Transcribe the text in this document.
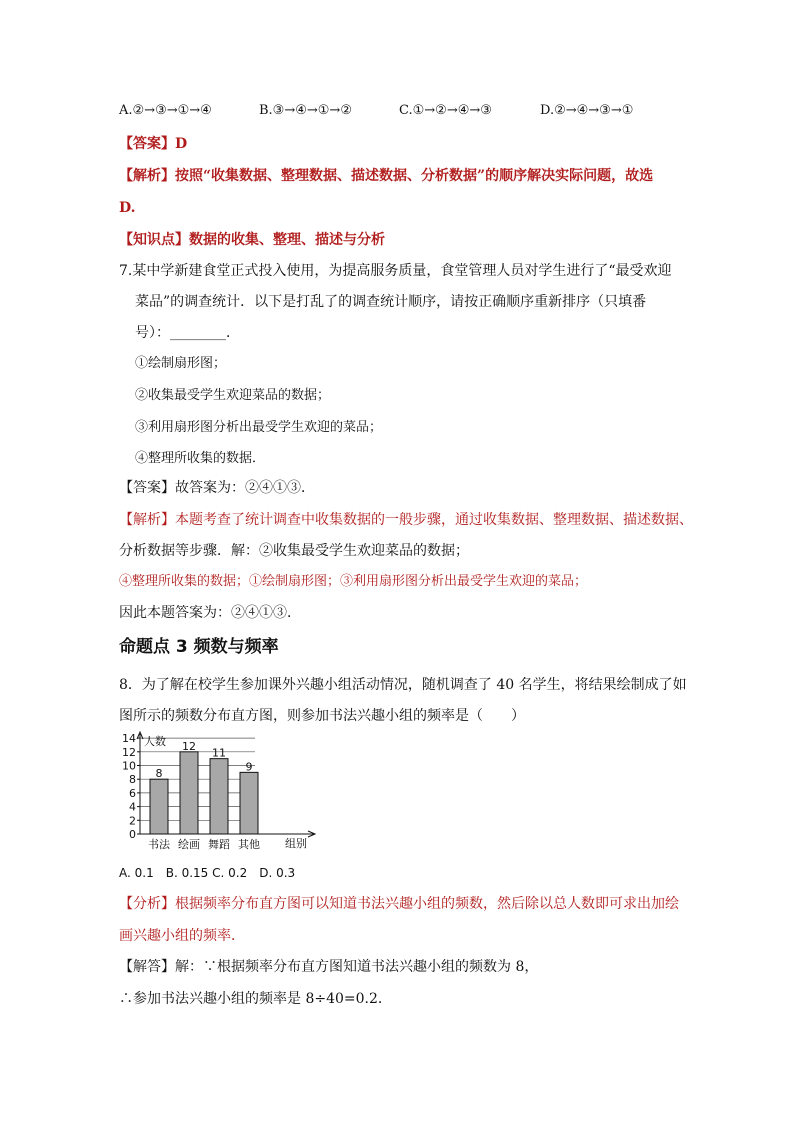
A.②→③→①→④	B.③→④→①→②	C.①→②→④→③	D.②→④→③→①
【答案】D
【解析】按照“收集数据、整理数据、描述数据、分析数据”的顺序解决实际问题，故选
D.
【知识点】数据的收集、整理、描述与分析
7.某中学新建食堂正式投入使用，为提高服务质量，食堂管理人员对学生进行了“最受欢迎
菜品”的调查统计．以下是打乱了的调查统计顺序，请按正确顺序重新排序（只填番
号）：________．
①绘制扇形图；
②收集最受学生欢迎菜品的数据；
③利用扇形图分析出最受学生欢迎的菜品；
④整理所收集的数据．
【答案】故答案为：②④①③．
【解析】本题考查了统计调查中收集数据的一般步骤，通过收集数据、整理数据、描述数据、
分析数据等步骤．解：②收集最受学生欢迎菜品的数据；
④整理所收集的数据；①绘制扇形图；③利用扇形图分析出最受学生欢迎的菜品；
因此本题答案为：②④①③．
命题点 3 频数与频率
8．为了解在校学生参加课外兴趣小组活动情况，随机调查了 40 名学生，将结果绘制成了如
图所示的频数分布直方图，则参加书法兴趣小组的频率是（　　）
0
2
4
6
8
10
12
14 人数
组别
8
书法
12
绘画
11
舞蹈
9
其他
A. 0.1　B. 0.15 C. 0.2　D. 0.3
【分析】根据频率分布直方图可以知道书法兴趣小组的频数，然后除以总人数即可求出加绘
画兴趣小组的频率．
【解答】解：∵根据频率分布直方图知道书法兴趣小组的频数为 8，
∴参加书法兴趣小组的频率是 8÷40=0.2．
